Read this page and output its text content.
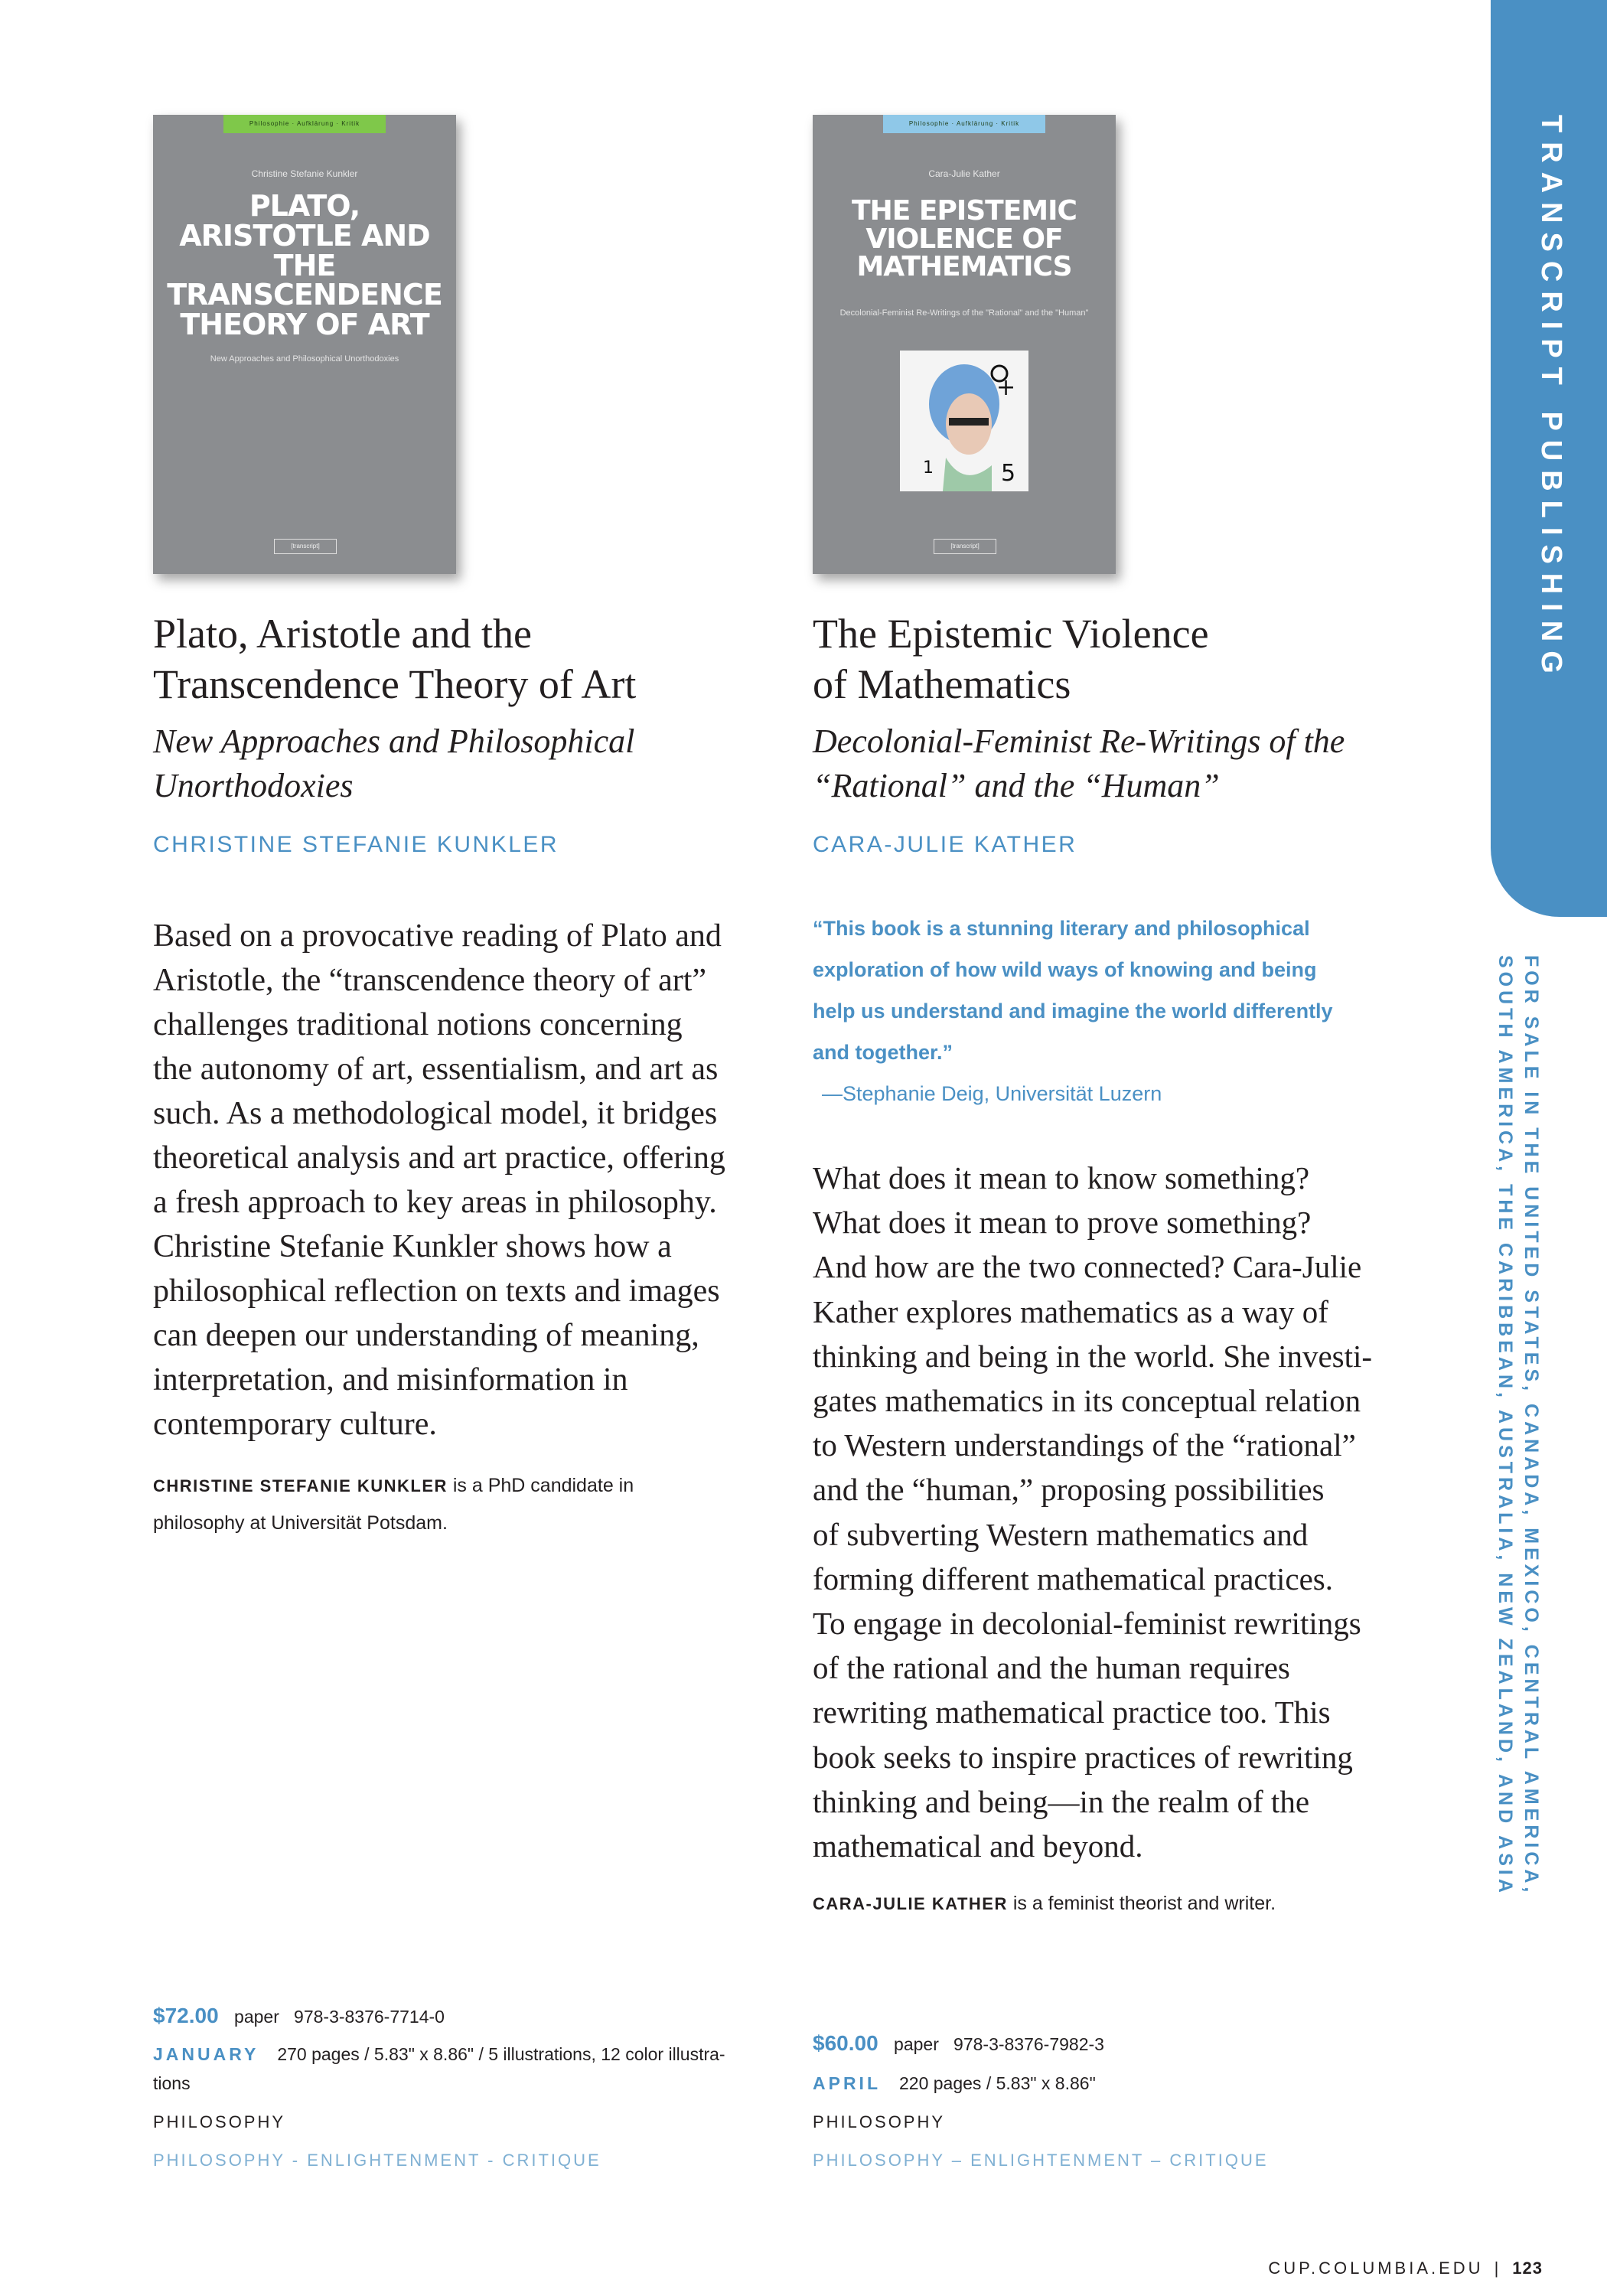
TRANSCRIPT PUBLISHING
FOR SALE IN THE UNITED STATES, CANADA, MEXICO, CENTRAL AMERICA,
SOUTH AMERICA, THE CARIBBEAN, AUSTRALIA, NEW ZEALAND, AND ASIA
Philosophie · Aufklärung · Kritik
Christine Stefanie Kunkler
PLATO, ARISTOTLE AND THE TRANSCENDENCE THEORY OF ART
New Approaches and Philosophical Unorthodoxies
[transcript]
Plato, Aristotle and the
Transcendence Theory of Art
New Approaches and Philosophical
Unorthodoxies
CHRISTINE STEFANIE KUNKLER
Based on a provocative reading of Plato and
Aristotle, the “transcendence theory of art”
challenges traditional notions concerning
the autonomy of art, essentialism, and art as
such. As a methodological model, it bridges
theoretical analysis and art practice, offering
a fresh approach to key areas in philosophy.
Christine Stefanie Kunkler shows how a
philosophical reflection on texts and images
can deepen our understanding of meaning,
interpretation, and misinformation in
contemporary culture.
CHRISTINE STEFANIE KUNKLER is a PhD candidate in
philosophy at Universität Potsdam.
$72.00 paper 978-3-8376-7714-0
JANUARY 270 pages / 5.83" x 8.86" / 5 illustrations, 12 color illustra-
tions
PHILOSOPHY
PHILOSOPHY - ENLIGHTENMENT - CRITIQUE
Philosophie · Aufklärung · Kritik
Cara-Julie Kather
THE EPISTEMIC VIOLENCE OF MATHEMATICS
Decolonial-Feminist Re-Writings of the "Rational" and the "Human"
+
5
1
[transcript]
The Epistemic Violence
of Mathematics
Decolonial-Feminist Re-Writings of the
“Rational” and the “Human”
CARA-JULIE KATHER
“This book is a stunning literary and philosophical
exploration of how wild ways of knowing and being
help us understand and imagine the world differently
and together.”
—Stephanie Deig, Universität Luzern
What does it mean to know something?
What does it mean to prove something?
And how are the two connected? Cara-Julie
Kather explores mathematics as a way of
thinking and being in the world. She investi-
gates mathematics in its conceptual relation
to Western understandings of the “rational”
and the “human,” proposing possibilities
of subverting Western mathematics and
forming different mathematical practices.
To engage in decolonial-feminist rewritings
of the rational and the human requires
rewriting mathematical practice too. This
book seeks to inspire practices of rewriting
thinking and being—in the realm of the
mathematical and beyond.
CARA-JULIE KATHER is a feminist theorist and writer.
$60.00 paper 978-3-8376-7982-3
APRIL 220 pages / 5.83" x 8.86"
PHILOSOPHY
PHILOSOPHY – ENLIGHTENMENT – CRITIQUE
CUP.COLUMBIA.EDU | 123
